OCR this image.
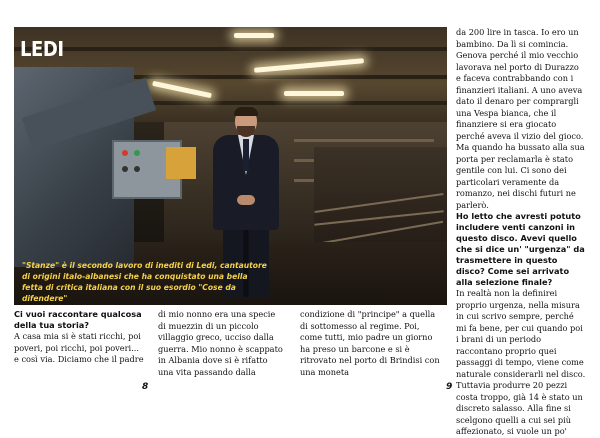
LEDI
"Stanze" è il secondo lavoro di inediti di Ledi, cantautore di origini italo-albanesi che ha conquistato una bella fetta di critica italiana con il suo esordio "Cose da difendere"

Ci vuoi raccontare qualcosa della tua storia?

A casa mia si è stati ricchi, poi poveri, poi ricchi, poi poveri... e così via. Diciamo che il padre

di mio nonno era una specie di muezzin di un piccolo villaggio greco, ucciso dalla guerra. Mio nonno è scappato in Albania dove si è rifatto una vita passando dalla

condizione di "principe" a quella di sottomesso al regime. Poi, come tutti, mio padre un giorno ha preso un barcone e si è ritrovato nel porto di Brindisi con una moneta

da 200 lire in tasca. Io ero un bambino. Da lì si comincia. Genova perché il mio vecchio lavorava nel porto di Durazzo e faceva contrabbando con i finanzieri italiani. A uno aveva dato il denaro per comprargli una Vespa bianca, che il finanziere si era giocato perché aveva il vizio del gioco. Ma quando ha bussato alla sua porta per reclamarla è stato gentile con lui. Ci sono dei particolari veramente da romanzo, nei dischi futuri ne parlerò.

Ho letto che avresti potuto includere venti canzoni in questo disco. Avevi quello che si dice un' "urgenza" da trasmettere in questo disco? Come sei arrivato alla selezione finale?

In realtà non la definirei proprio urgenza, nella misura in cui scrivo sempre, perché mi fa bene, per cui quando poi i brani di un periodo raccontano proprio quei passaggi di tempo, viene come naturale considerarli nel disco. Tuttavia produrre 20 pezzi costa troppo, già 14 è stato un discreto salasso. Alla fine si scelgono quelli a cui sei più affezionato, si vuole un po'

8	9
